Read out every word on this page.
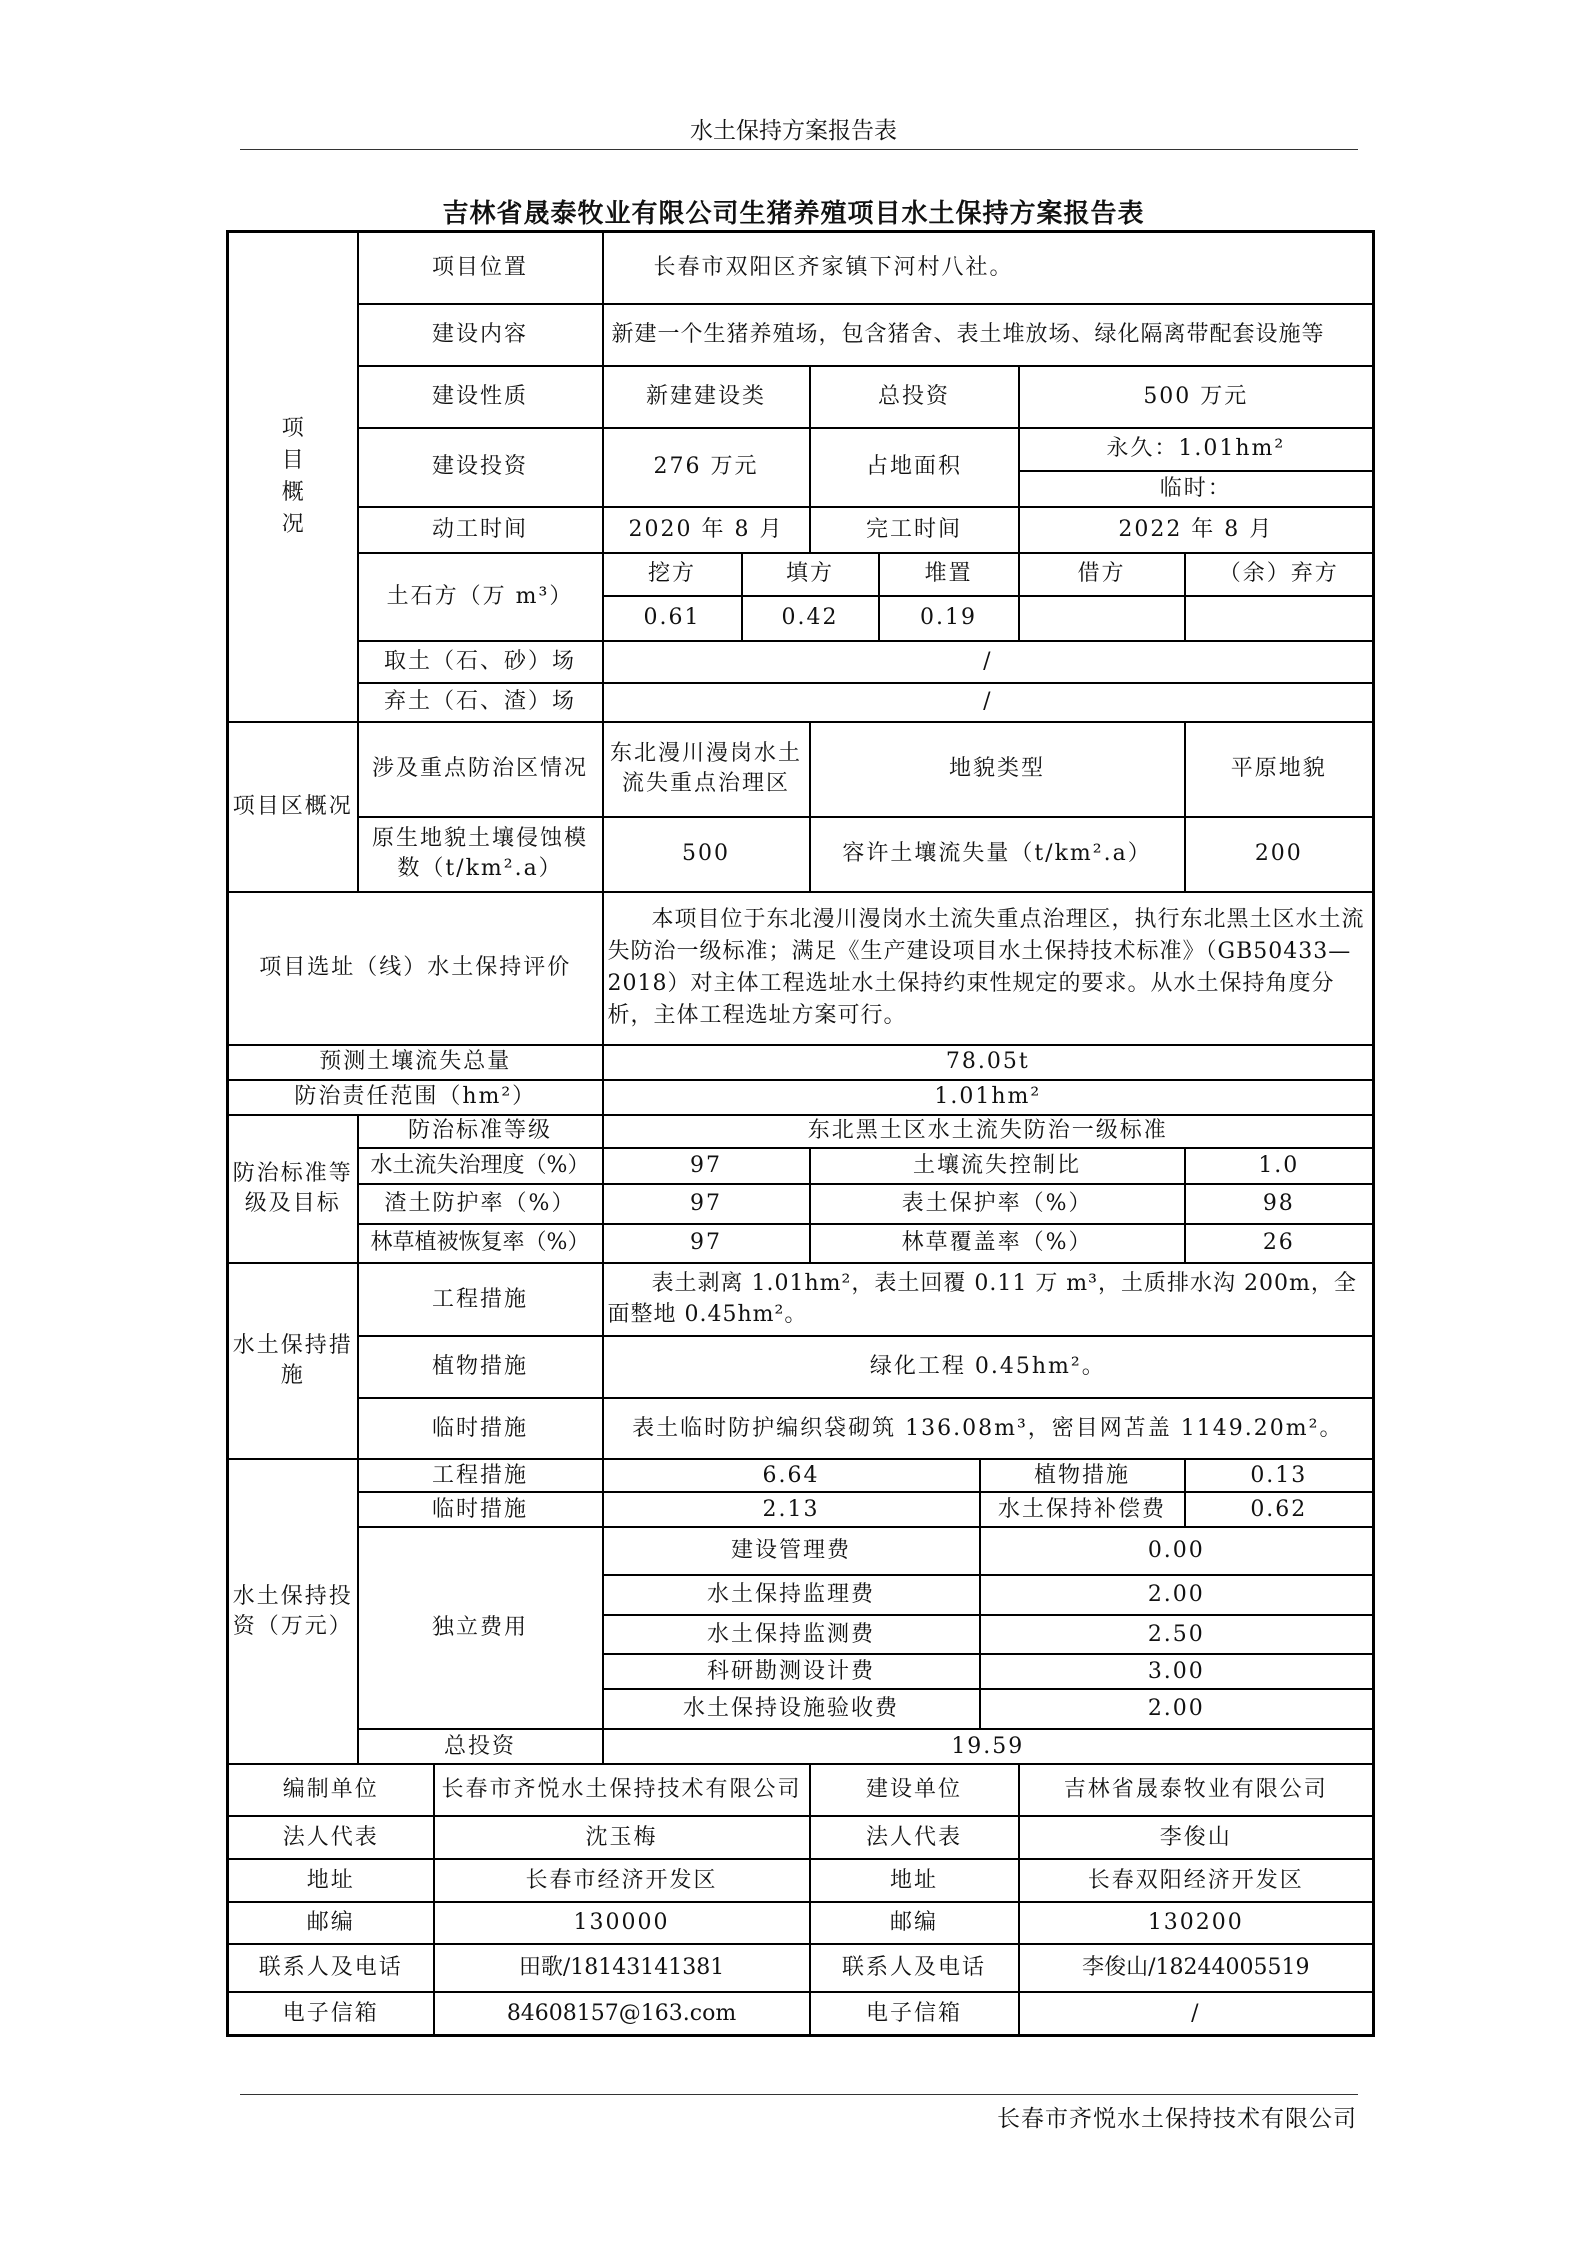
水土保持方案报告表
吉林省晟泰牧业有限公司生猪养殖项目水土保持方案报告表
项
目
概
况	项目位置		长春市双阳区齐家镇下河村八社。						
	建设内容		新建一个生猪养殖场，包含猪舍、表土堆放场、绿化隔离带配套设施等						
	建设性质		新建建设类		总投资			500 万元	
	建设投资		276 万元		占地面积			永久：1.01hm²	
								临时：	
	动工时间		2020 年 8 月		完工时间			2022 年 8 月	
	土石方（万 m³）		挖方	填方		堆置		借方	（余）弃方
			0.61	0.42		0.19			
	取土（石、砂）场		/						
	弃土（石、渣）场		/						
项目区概况	涉及重点防治区情况		东北漫川漫岗水土流失重点治理区		地貌类型				平原地貌
	原生地貌土壤侵蚀模数（t/km².a）		500		容许土壤流失量（t/km².a）				200
项目选址（线）水土保持评价			本项目位于东北漫川漫岗水土流失重点治理区，执行东北黑土区水土流失防治一级标准；满足《生产建设项目水土保持技术标准》（GB50433—2018）对主体工程选址水土保持约束性规定的要求。从水土保持角度分析，主体工程选址方案可行。						
预测土壤流失总量			78.05t						
防治责任范围（hm²）			1.01hm²						
防治标准等级及目标	防治标准等级		东北黑土区水土流失防治一级标准						
	水土流失治理度（%）		97		土壤流失控制比				1.0
	渣土防护率（%）		97		表土保护率（%）				98
	林草植被恢复率（%）		97		林草覆盖率（%）				26
水土保持措施	工程措施		表土剥离 1.01hm²，表土回覆 0.11 万 m³，土质排水沟 200m，全面整地 0.45hm²。						
	植物措施		绿化工程 0.45hm²。						
	临时措施		表土临时防护编织袋砌筑 136.08m³，密目网苫盖 1149.20m²。						
水土保持投资（万元）	工程措施		6.64				植物措施		0.13
	临时措施		2.13				水土保持补偿费		0.62
	独立费用		建设管理费				0.00		
			水土保持监理费				2.00		
			水土保持监测费				2.50		
			科研勘测设计费				3.00		
			水土保持设施验收费				2.00		
	总投资		19.59						
编制单位		长春市齐悦水土保持技术有限公司			建设单位			吉林省晟泰牧业有限公司	
法人代表		沈玉梅			法人代表			李俊山	
地址		长春市经济开发区			地址			长春双阳经济开发区	
邮编		130000			邮编			130200	
联系人及电话		田歌/18143141381			联系人及电话			李俊山/18244005519	
电子信箱		84608157@163.com			电子信箱			/	
长春市齐悦水土保持技术有限公司
